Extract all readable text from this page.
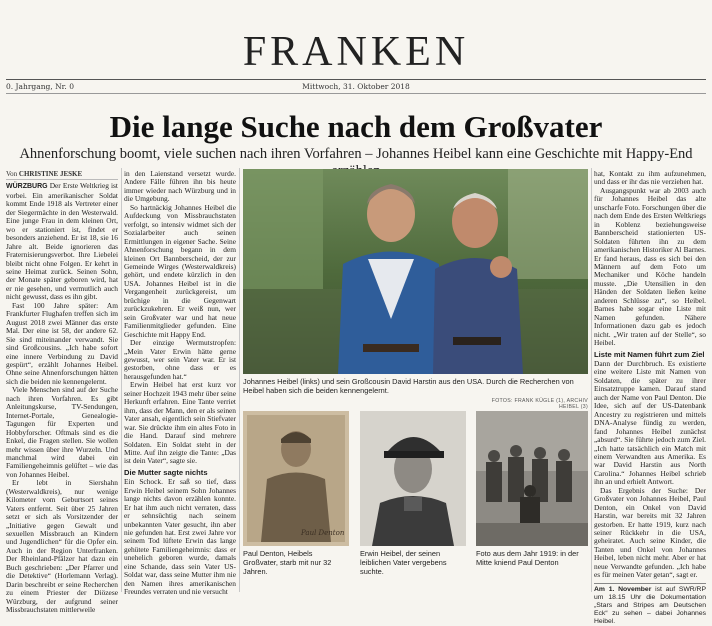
FRANKEN
0. Jahrgang, Nr. 0	Mittwoch, 31. Oktober 2018
Die lange Suche nach dem Großvater
Ahnenforschung boomt, viele suchen nach ihren Vorfahren – Johannes Heibel kann eine Geschichte mit Happy-End
Von CHRISTINE JESKE

WÜRZBURG Der Erste Weltkrieg ist vorbei. Ein amerikanischer Soldat kommt Ende 1918 als Vertreter einer der Siegermächte in den Westerwald. Eine junge Frau in dem kleinen Ort, wo er stationiert ist, findet er besonders anziehend. Er ist 18, sie 16 Jahre alt. Beide ignorieren das Fraternisierungsverbot. Ihre Liebelei bleibt nicht ohne Folgen. Er kehrt in seine Heimat zurück. Seinen Sohn, der Monate später geboren wird, hat er nie gesehen, und vermutlich auch nicht gewusst, dass es ihn gibt.

Fast 100 Jahre später: Am Frankfurter Flughafen treffen sich im August 2018 zwei Männer das erste Mal. Der eine ist 58, der andere 62. Sie sind miteinander verwandt. Sie sind Großcousins. „Ich habe sofort eine innere Verbindung zu David gespürt“, erzählt Johannes Heibel. Ohne seine Ahnenforschungen hätten sich die beiden nie kennengelernt.

Viele Menschen sind auf der Suche nach ihren Vorfahren. Es gibt Anleitungskurse, TV-Sendungen, Internet-Portale, Genealogie-Tagungen für Experten und Hobbyforscher. Oftmals sind es die Enkel, die Fragen stellen. Sie wollen mehr wissen über ihre Wurzeln. Und manchmal wird dabei ein Familiengeheimnis gelüftet – wie das von Johannes Heibel.

Er lebt in Siershahn (Westerwaldkreis), nur wenige Kilometer vom Geburtsort seines Vaters entfernt. Seit über 25 Jahren setzt er sich als Vorsitzender der „Initiative gegen Gewalt und sexuellen Missbrauch an Kindern und Jugendlichen“ für die Opfer ein. Auch in der Region Unterfranken. Der Rheinland-Pfälzer hat dazu ein Buch geschrieben: „Der Pfarrer und die Detektive“ (Horlemann Verlag). Darin beschreibt er seine Recherchen zu einem Priester der Diözese Würzburg, der aufgrund seiner Missbrauchstaten mittlerweile

in den Laienstand versetzt wurde. Andere Fälle führen ihn bis heute immer wieder nach Würzburg und in die Umgebung.

So hartnäckig Johannes Heibel die Aufdeckung von Missbrauchstaten verfolgt, so intensiv widmet sich der Sozialarbeiter auch seinen Ermittlungen in eigener Sache. Seine Ahnenforschung begann in dem kleinen Ort Bannberscheid, der zur Gemeinde Wirges (Westerwaldkreis) gehört, und endete kürzlich in den USA. Johannes Heibel ist in die Vergangenheit zurückgereist, um brüchige in die Gegenwart zurückzukehren. Er weiß nun, wer sein Großvater war und hat neue Familienmitglieder gefunden. Eine Geschichte mit Happy End.

Der einzige Wermutstropfen: „Mein Vater Erwin hätte gerne gewusst, wer sein Vater war. Er ist gestorben, ohne dass er es herausgefunden hat.“

Erwin Heibel hat erst kurz vor seiner Hochzeit 1943 mehr über seine Herkunft erfahren. Eine Tante verriet ihm, dass der Mann, den er als seinen Vater ansah, eigentlich sein Stiefvater war. Sie drückte ihm ein altes Foto in die Hand. Darauf sind mehrere Soldaten. Ein Soldat steht in der Mitte. Auf ihn zeigte die Tante: „Das ist dein Vater“, sagte sie.

Die Mutter sagte nichts

Ein Schock. Er saß so tief, dass Erwin Heibel seinem Sohn Johannes lange nichts davon erzählen konnte. Er hat ihm auch nicht verraten, dass er sehnsüchtig nach seinem unbekannten Vater gesucht, ihn aber nie gefunden hat. Erst zwei Jahre vor seinem Tod lüftete Erwin das lange gehütete Familiengeheimnis: dass er unehelich geboren wurde, damals eine Schande, dass sein Vater US-Soldat war, dass seine Mutter ihm nie den Namen ihres amerikanischen Freundes verraten und nie versucht

Johannes Heibel (links) und sein Großcousin David Harstin aus den USA. Durch die Recherchen von Heibel haben sich die beiden kennengelernt.
FOTOS: FRANK KÜGLE (1), ARCHIV HEIBEL (3)
Paul Denton
Paul Denton, Heibels Großvater, starb mit nur 32 Jahren.
Erwin Heibel, der seinen leiblichen Vater vergebens suchte.
Foto aus dem Jahr 1919: in der Mitte kniend Paul Denton

hat, Kontakt zu ihm aufzunehmen, und dass er ihr das nie verziehen hat.

Ausgangspunkt war ab 2003 auch für Johannes Heibel das alte unscharfe Foto. Forschungen über die nach dem Ende des Ersten Weltkriegs in Koblenz beziehungsweise Bannberscheid stationierten US-Soldaten führten ihn zu dem amerikanischen Historiker Al Barnes. Er fand heraus, dass es sich bei den Männern auf dem Foto um Mechaniker und Köche handeln musste. „Die Utensilien in den Händen der Soldaten ließen keine anderen Schlüsse zu“, so Heibel. Barnes habe sogar eine Liste mit Namen gefunden. Nähere Informationen dazu gab es jedoch nicht. „Wir traten auf der Stelle“, so Heibel.

Liste mit Namen führt zum Ziel

Dann der Durchbruch. Es existierte eine weitere Liste mit Namen von Soldaten, die später zu ihrer Einsatztruppe kamen. Darauf stand auch der Name von Paul Denton. Die Idee, sich auf der US-Datenbank Ancestry zu registrieren und mittels DNA-Analyse fündig zu werden, fand Johannes Heibel zunächst „absurd“. Sie führte jedoch zum Ziel. „Ich hatte tatsächlich ein Match mit einem Verwandten aus Amerika. Es war David Harstin aus North Carolina.“ Johannes Heibel schrieb ihn an und erhielt Antwort.

Das Ergebnis der Suche: Der Großvater von Johannes Heibel, Paul Denton, ein Onkel von David Harstin, war bereits mit 32 Jahren gestorben. Er hatte 1919, kurz nach seiner Rückkehr in die USA, geheiratet. Auch seine Kinder, die Tanten und Onkel von Johannes Heibel, leben nicht mehr. Aber er hat neue Verwandte gefunden. „Ich habe es für meinen Vater getan“, sagt er.

Am 1. November ist auf SWR/RP um 18.15 Uhr die Dokumentation „Stars and Stripes am Deutschen Eck“ zu sehen – dabei Johannes Heibel.
